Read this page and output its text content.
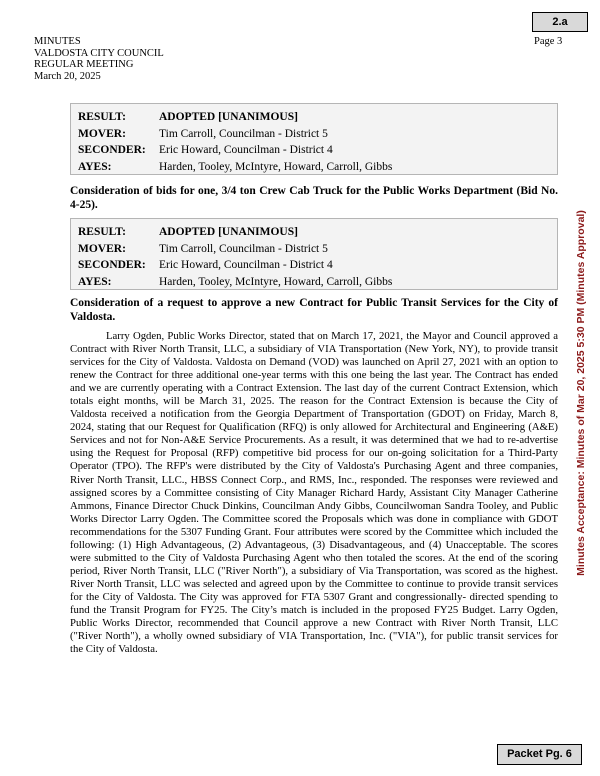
2.a
MINUTES
VALDOSTA CITY COUNCIL
REGULAR MEETING
March 20, 2025
Page 3
Minutes Acceptance: Minutes of Mar 20, 2025 5:30 PM (Minutes Approval)
RESULT:	ADOPTED [UNANIMOUS]
MOVER:	Tim Carroll, Councilman - District 5
SECONDER:	Eric Howard, Councilman - District 4
AYES:	Harden, Tooley, McIntyre, Howard, Carroll, Gibbs
Consideration of bids for one, 3/4 ton Crew Cab Truck for the Public Works Department (Bid No. 4-25).
RESULT:	ADOPTED [UNANIMOUS]
MOVER:	Tim Carroll, Councilman - District 5
SECONDER:	Eric Howard, Councilman - District 4
AYES:	Harden, Tooley, McIntyre, Howard, Carroll, Gibbs
Consideration of a request to approve a new Contract for Public Transit Services for the City of Valdosta.
Larry Ogden, Public Works Director, stated that on March 17, 2021, the Mayor and Council approved a Contract with River North Transit, LLC, a subsidiary of VIA Transportation (New York, NY), to provide transit services for the City of Valdosta. Valdosta on Demand (VOD) was launched on April 27, 2021 with an option to renew the Contract for three additional one-year terms with this one being the last year. The Contract has ended and we are currently operating with a Contract Extension. The last day of the current Contract Extension, which totals eight months, will be March 31, 2025. The reason for the Contract Extension is because the City of Valdosta received a notification from the Georgia Department of Transportation (GDOT) on Friday, March 8, 2024, stating that our Request for Qualification (RFQ) is only allowed for Architectural and Engineering (A&E) Services and not for Non-A&E Service Procurements. As a result, it was determined that we had to re-advertise using the Request for Proposal (RFP) competitive bid process for our on-going solicitation for a Third-Party Operator (TPO). The RFP's were distributed by the City of Valdosta's Purchasing Agent and three companies, River North Transit, LLC., HBSS Connect Corp., and RMS, Inc., responded. The responses were reviewed and assigned scores by a Committee consisting of City Manager Richard Hardy, Assistant City Manager Catherine Ammons, Finance Director Chuck Dinkins, Councilman Andy Gibbs, Councilwoman Sandra Tooley, and Public Works Director Larry Ogden. The Committee scored the Proposals which was done in compliance with GDOT recommendations for the 5307 Funding Grant. Four attributes were scored by the Committee which included the following: (1) High Advantageous, (2) Advantageous, (3) Disadvantageous, and (4) Unacceptable. The scores were submitted to the City of Valdosta Purchasing Agent who then totaled the scores. At the end of the scoring period, River North Transit, LLC ("River North"), a subsidiary of Via Transportation, was scored as the highest. River North Transit, LLC was selected and agreed upon by the Committee to continue to provide transit services for the City of Valdosta. The City was approved for FTA 5307 Grant and congressionally- directed spending to fund the Transit Program for FY25. The City’s match is included in the proposed FY25 Budget. Larry Ogden, Public Works Director, recommended that Council approve a new Contract with River North Transit, LLC ("River North"), a wholly owned subsidiary of VIA Transportation, Inc. ("VIA"), for public transit services for the City of Valdosta.
Packet Pg. 6
